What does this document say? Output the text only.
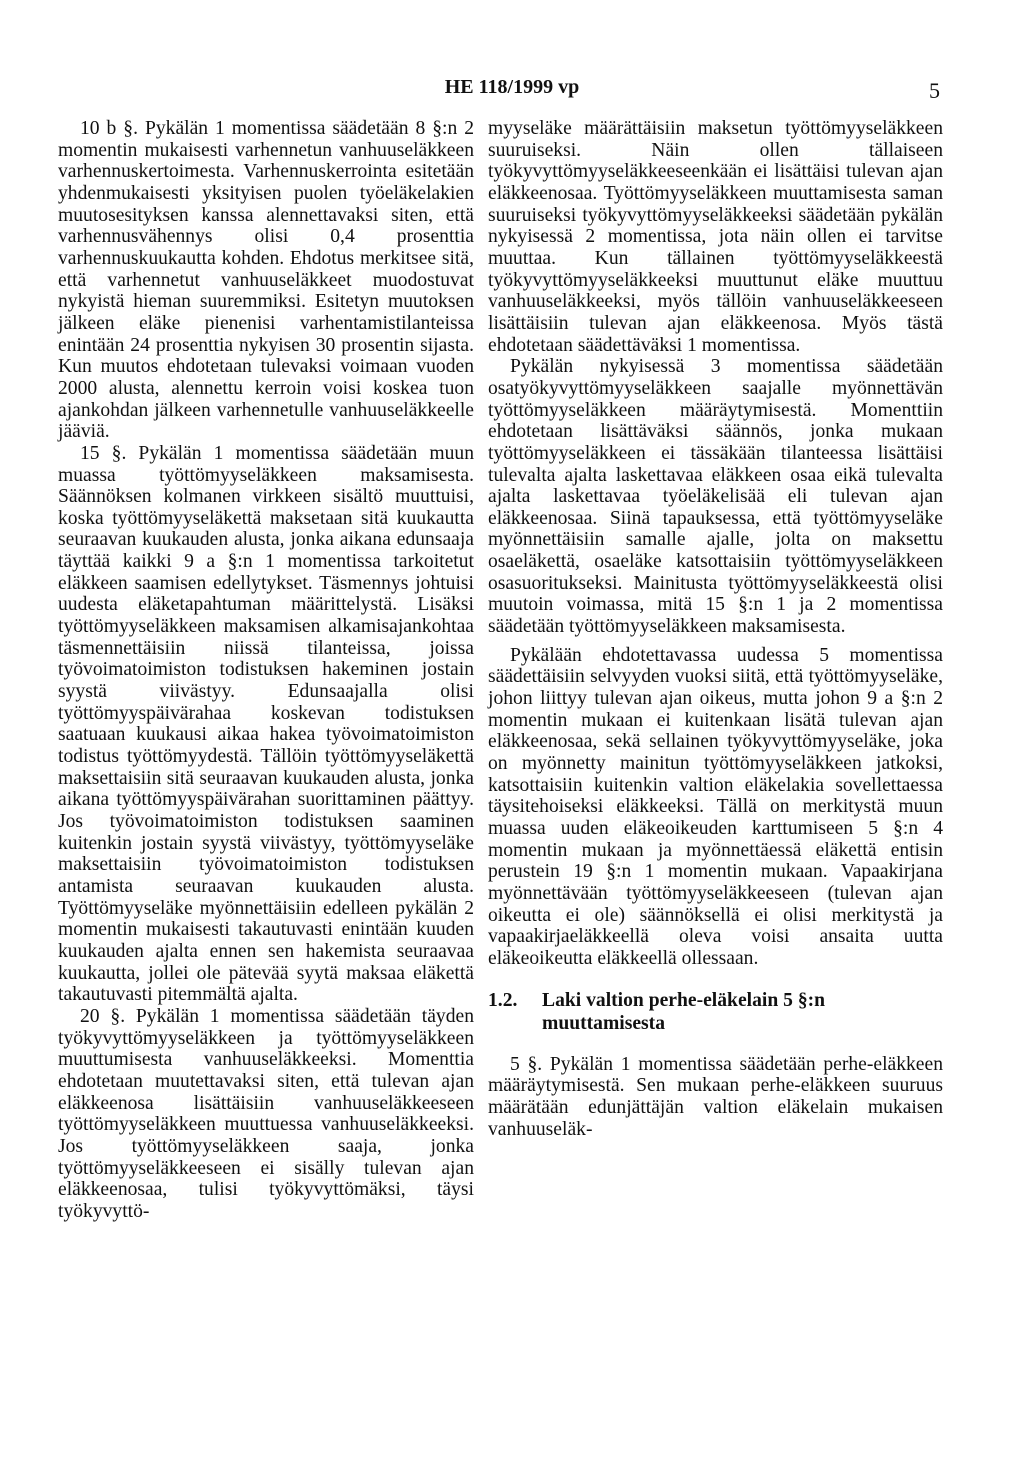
HE 118/1999 vp	5

10 b §. Pykälän 1 momentissa säädetään 8 §:n 2 momentin mukaisesti varhennetun vanhuuseläkkeen varhennuskertoimesta. Varhennuskerrointa esitetään yhdenmukaisesti yksityisen puolen työeläkelakien muutosesityksen kanssa alennettavaksi siten, että varhennusvähennys olisi 0,4 prosenttia varhennuskuukautta kohden. Ehdotus merkitsee sitä, että varhennetut vanhuuseläkkeet muodostuvat nykyistä hieman suuremmiksi. Esitetyn muutoksen jälkeen eläke pienenisi varhentamistilanteissa enintään 24 prosenttia nykyisen 30 prosentin sijasta. Kun muutos ehdotetaan tulevaksi voimaan vuoden 2000 alusta, alennettu kerroin voisi koskea tuon ajankohdan jälkeen varhennetulle vanhuuseläkkeelle jääviä.

15 §. Pykälän 1 momentissa säädetään muun muassa työttömyyseläkkeen maksamisesta. Säännöksen kolmanen virkkeen sisältö muuttuisi, koska työttömyyseläkettä maksetaan sitä kuukautta seuraavan kuukauden alusta, jonka aikana edunsaaja täyttää kaikki 9 a §:n 1 momentissa tarkoitetut eläkkeen saamisen edellytykset. Täsmennys johtuisi uudesta eläketapahtuman määrittelystä. Lisäksi työttömyyseläkkeen maksamisen alkamisajankohtaa täsmennettäisiin niissä tilanteissa, joissa työvoimatoimiston todistuksen hakeminen jostain syystä viivästyy. Edunsaajalla olisi työttömyyspäivärahaa koskevan todistuksen saatuaan kuukausi aikaa hakea työvoimatoimiston todistus työttömyydestä. Tällöin työttömyyseläkettä maksettaisiin sitä seuraavan kuukauden alusta, jonka aikana työttömyyspäivärahan suorittaminen päättyy. Jos työvoimatoimiston todistuksen saaminen kuitenkin jostain syystä viivästyy, työttömyyseläke maksettaisiin työvoimatoimiston todistuksen antamista seuraavan kuukauden alusta. Työttömyyseläke myönnettäisiin edelleen pykälän 2 momentin mukaisesti takautuvasti enintään kuuden kuukauden ajalta ennen sen hakemista seuraavaa kuukautta, jollei ole pätevää syytä maksaa eläkettä takautuvasti pitemmältä ajalta.

20 §. Pykälän 1 momentissa säädetään täyden työkyvyttömyyseläkkeen ja työttömyyseläkkeen muuttumisesta vanhuuseläkkeeksi. Momenttia ehdotetaan muutettavaksi siten, että tulevan ajan eläkkeenosa lisättäisiin vanhuuseläkkeeseen työttömyyseläkkeen muuttuessa vanhuuseläkkeeksi. Jos työttömyyseläkkeen saaja, jonka työttömyyseläkkeeseen ei sisälly tulevan ajan eläkkeenosaa, tulisi työkyvyttömäksi, täysi työkyvyttö-

myyseläke määrättäisiin maksetun työttömyyseläkkeen suuruiseksi. Näin ollen tällaiseen työkyvyttömyyseläkkeeseenkään ei lisättäisi tulevan ajan eläkkeenosaa. Työttömyyseläkkeen muuttamisesta saman suuruiseksi työkyvyttömyyseläkkeeksi säädetään pykälän nykyisessä 2 momentissa, jota näin ollen ei tarvitse muuttaa. Kun tällainen työttömyyseläkkeestä työkyvyttömyyseläkkeeksi muuttunut eläke muuttuu vanhuuseläkkeeksi, myös tällöin vanhuuseläkkeeseen lisättäisiin tulevan ajan eläkkeenosa. Myös tästä ehdotetaan säädettäväksi 1 momentissa.

Pykälän nykyisessä 3 momentissa säädetään osatyökyvyttömyyseläkkeen saajalle myönnettävän työttömyyseläkkeen määräytymisestä. Momenttiin ehdotetaan lisättäväksi säännös, jonka mukaan työttömyyseläkkeen ei tässäkään tilanteessa lisättäisi tulevalta ajalta laskettavaa eläkkeen osaa eikä tulevalta ajalta laskettavaa työeläkelisää eli tulevan ajan eläkkeenosaa. Siinä tapauksessa, että työttömyyseläke myönnettäisiin samalle ajalle, jolta on maksettu osaeläkettä, osaeläke katsottaisiin työttömyyseläkkeen osasuoritukseksi. Mainitusta työttömyyseläkkeestä olisi muutoin voimassa, mitä 15 §:n 1 ja 2 momentissa säädetään työttömyyseläkkeen maksamisesta.

Pykälään ehdotettavassa uudessa 5 momentissa säädettäisiin selvyyden vuoksi siitä, että työttömyyseläke, johon liittyy tulevan ajan oikeus, mutta johon 9 a §:n 2 momentin mukaan ei kuitenkaan lisätä tulevan ajan eläkkeenosaa, sekä sellainen työkyvyttömyyseläke, joka on myönnetty mainitun työttömyyseläkkeen jatkoksi, katsottaisiin kuitenkin valtion eläkelakia sovellettaessa täysitehoiseksi eläkkeeksi. Tällä on merkitystä muun muassa uuden eläkeoikeuden karttumiseen 5 §:n 4 momentin mukaan ja myönnettäessä eläkettä entisin perustein 19 §:n 1 momentin mukaan. Vapaakirjana myönnettävään työttömyyseläkkeeseen (tulevan ajan oikeutta ei ole) säännöksellä ei olisi merkitystä ja vapaakirjaeläkkeellä oleva voisi ansaita uutta eläkeoikeutta eläkkeellä ollessaan.

1.2.	Laki valtion perhe-eläkelain 5 §:n muuttamisesta

5 §. Pykälän 1 momentissa säädetään perhe-eläkkeen määräytymisestä. Sen mukaan perhe-eläkkeen suuruus määrätään edunjättäjän valtion eläkelain mukaisen vanhuuseläk-
